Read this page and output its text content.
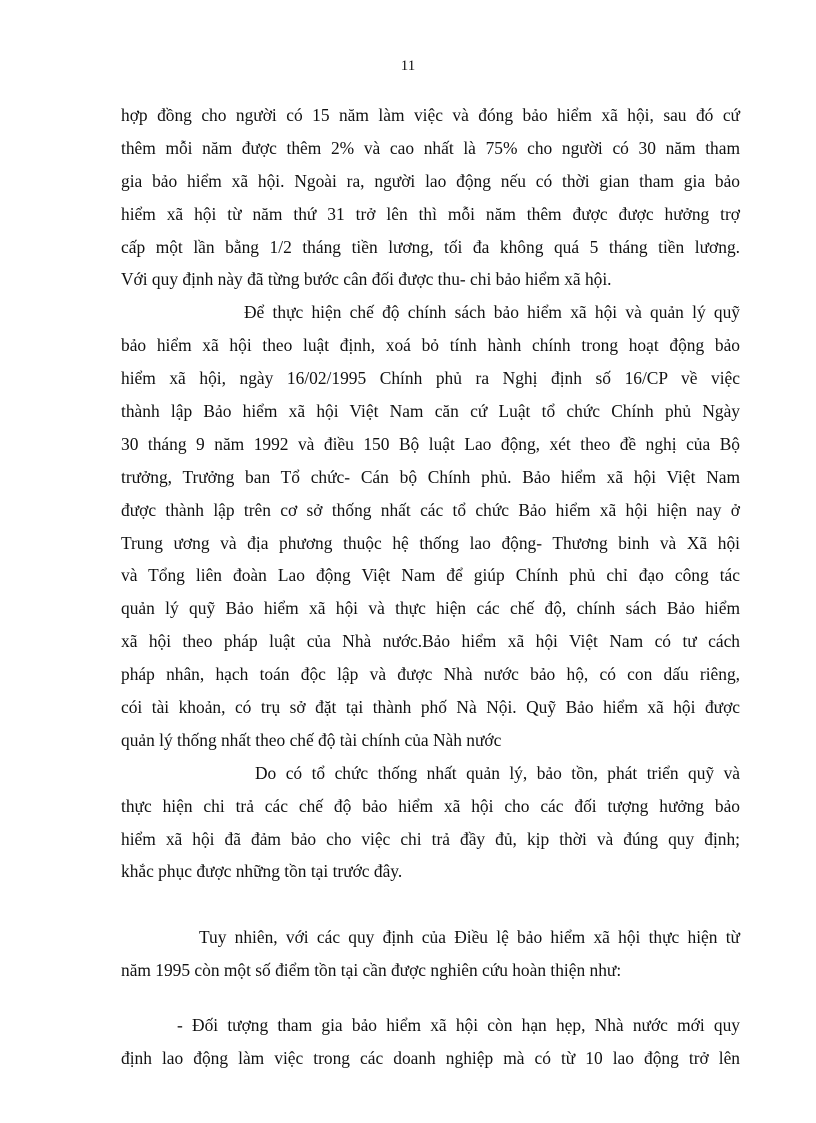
11
hợp đồng cho người có 15 năm làm việc và đóng bảo hiểm xã hội, sau đó cứ
thêm mỗi năm được thêm 2% và cao nhất là 75% cho người có 30 năm tham
gia bảo hiểm xã hội. Ngoài ra, người lao động nếu có thời gian tham gia bảo
hiểm xã hội từ năm thứ 31 trở lên thì mỗi năm thêm được được hưởng trợ
cấp một lần bằng 1/2 tháng tiền lương, tối đa không quá 5 tháng tiền lương.
Với quy định này đã từng bước cân đối được thu- chi bảo hiểm xã hội.
Để thực hiện chế độ chính sách bảo hiểm xã hội và quản lý quỹ
bảo hiểm xã hội theo luật định, xoá bỏ tính hành chính trong hoạt động bảo
hiểm xã hội, ngày 16/02/1995 Chính phủ ra Nghị định số 16/CP về việc
thành lập Bảo hiểm xã hội Việt Nam căn cứ Luật tổ chức Chính phủ Ngày
30 tháng 9 năm 1992 và điều 150 Bộ luật Lao động, xét theo đề nghị của Bộ
trưởng, Trưởng ban Tổ chức- Cán bộ Chính phủ. Bảo hiểm xã hội Việt Nam
được thành lập trên cơ sở thống nhất các tổ chức Bảo hiểm xã hội hiện nay ở
Trung ương và địa phương thuộc hệ thống lao động- Thương binh và Xã hội
và Tổng liên đoàn Lao động Việt Nam để giúp Chính phủ chỉ đạo công tác
quản lý quỹ Bảo hiểm xã hội và thực hiện các chế độ, chính sách Bảo hiểm
xã hội theo pháp luật của Nhà nước.Bảo hiểm xã hội Việt Nam có tư cách
pháp nhân, hạch toán độc lập và được Nhà nước bảo hộ, có con dấu riêng,
cói tài khoản, có trụ sở đặt tại thành phố Nà Nội. Quỹ Bảo hiểm xã hội được
quản lý thống nhất theo chế độ tài chính của Nàh nước
Do có tổ chức thống nhất quản lý, bảo tồn, phát triển quỹ và
thực hiện chi trả các chế độ bảo hiểm xã hội cho các đối tượng hưởng bảo
hiểm xã hội đã đảm bảo cho việc chi trả đầy đủ, kịp thời và đúng quy định;
khắc phục được những tồn tại trước đây.
Tuy nhiên, với các quy định của Điều lệ bảo hiểm xã hội thực hiện từ
năm 1995 còn một số điểm tồn tại cần được nghiên cứu hoàn thiện như:
- Đối tượng tham gia bảo hiểm xã hội còn hạn hẹp, Nhà nước mới quy
định lao động làm việc trong các doanh nghiệp mà có từ 10 lao động trở lên
